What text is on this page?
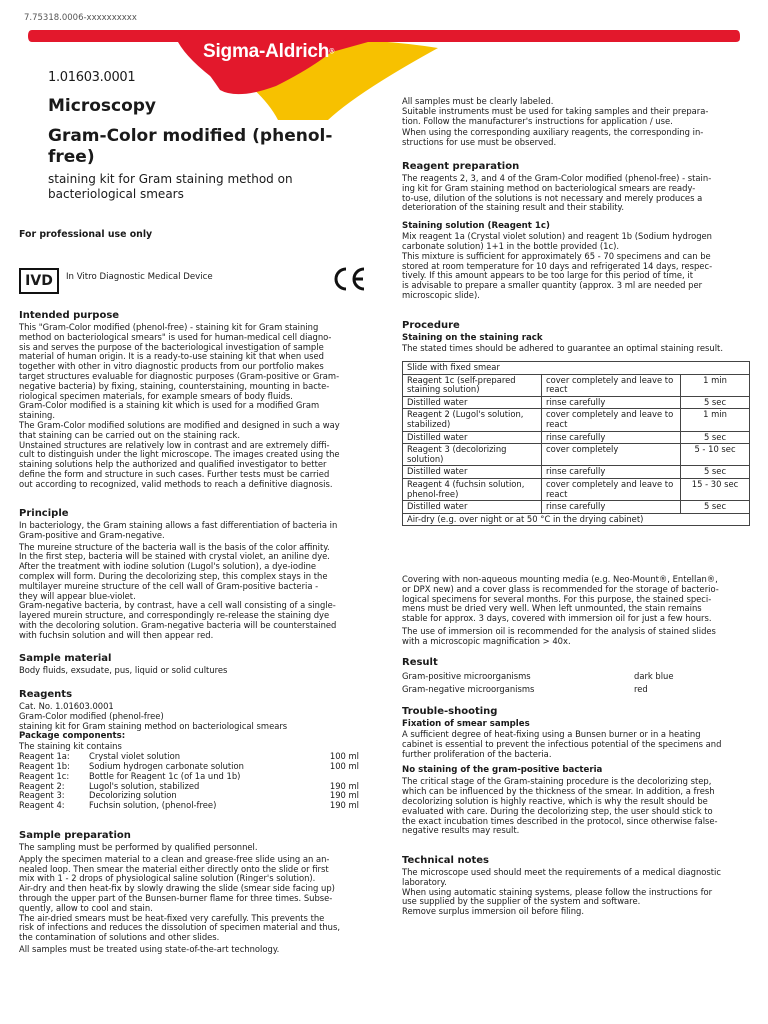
7.75318.0006-xxxxxxxxxx
Sigma-Aldrich®
1.01603.0001
Microscopy
Gram-Color modified (phenol-free)
staining kit for Gram staining method on bacteriological smears
For professional use only
IVD	In Vitro Diagnostic Medical Device
Intended purpose

This "Gram-Color modified (phenol-free) - staining kit for Gram staining
method on bacteriological smears" is used for human-medical cell diagno-
sis and serves the purpose of the bacteriological investigation of sample
material of human origin. It is a ready-to-use staining kit that when used
together with other in vitro diagnostic products from our portfolio makes
target structures evaluable for diagnostic purposes (Gram-positive or Gram-
negative bacteria) by fixing, staining, counterstaining, mounting in bacte-
riological specimen materials, for example smears of body fluids.

Gram-Color modified is a staining kit which is used for a modified Gram
staining.

The Gram-Color modified solutions are modified and designed in such a way
that staining can be carried out on the staining rack.

Unstained structures are relatively low in contrast and are extremely diffi-
cult to distinguish under the light microscope. The images created using the
staining solutions help the authorized and qualified investigator to better
define the form and structure in such cases. Further tests must be carried
out according to recognized, valid methods to reach a definitive diagnosis.

Principle

In bacteriology, the Gram staining allows a fast differentiation of bacteria in
Gram-positive and Gram-negative.

The mureine structure of the bacteria wall is the basis of the color affinity.
In the first step, bacteria will be stained with crystal violet, an aniline dye.
After the treatment with iodine solution (Lugol's solution), a dye-iodine
complex will form. During the decolorizing step, this complex stays in the
multilayer mureine structure of the cell wall of Gram-positive bacteria -
they will appear blue-violet.
Gram-negative bacteria, by contrast, have a cell wall consisting of a single-
layered murein structure, and correspondingly re-release the staining dye
with the decoloring solution. Gram-negative bacteria will be counterstained
with fuchsin solution and will then appear red.

Sample material

Body fluids, exsudate, pus, liquid or solid cultures

Reagents

Cat. No. 1.01603.0001
Gram-Color modified (phenol-free)
staining kit for Gram staining method on bacteriological smears

Package components:

The staining kit contains

Reagent 1a:	Crystal violet solution	100 ml
Reagent 1b:	Sodium hydrogen carbonate solution	100 ml
Reagent 1c:	Bottle for Reagent 1c (of 1a und 1b)
Reagent 2:	Lugol's solution, stabilized	190 ml
Reagent 3:	Decolorizing solution	190 ml
Reagent 4:	Fuchsin solution, (phenol-free)	190 ml
Sample preparation

The sampling must be performed by qualified personnel.

Apply the specimen material to a clean and grease-free slide using an an-
nealed loop. Then smear the material either directly onto the slide or first
mix with 1 - 2 drops of physiological saline solution (Ringer's solution).
Air-dry and then heat-fix by slowly drawing the slide (smear side facing up)
through the upper part of the Bunsen-burner flame for three times. Subse-
quently, allow to cool and stain.
The air-dried smears must be heat-fixed very carefully. This prevents the
risk of infections and reduces the dissolution of specimen material and thus,
the contamination of solutions and other slides.

All samples must be treated using state-of-the-art technology.

All samples must be clearly labeled.
Suitable instruments must be used for taking samples and their prepara-
tion. Follow the manufacturer's instructions for application / use.

When using the corresponding auxiliary reagents, the corresponding in-
structions for use must be observed.

Reagent preparation

The reagents 2, 3, and 4 of the Gram-Color modified (phenol-free) - stain-
ing kit for Gram staining method on bacteriological smears are ready-
to-use, dilution of the solutions is not necessary and merely produces a
deterioration of the staining result and their stability.

Staining solution (Reagent 1c)

Mix reagent 1a (Crystal violet solution) and reagent 1b (Sodium hydrogen
carbonate solution) 1+1 in the bottle provided (1c).
This mixture is sufficient for approximately 65 - 70 specimens and can be
stored at room temperature for 10 days and refrigerated 14 days, respec-
tively. If this amount appears to be too large for this period of time, it
is advisable to prepare a smaller quantity (approx. 3 ml are needed per
microscopic slide).

Procedure
Staining on the staining rack

The stated times should be adhered to guarantee an optimal staining result.

Slide with fixed smear		
Reagent 1c (self-prepared staining solution)	cover completely and leave to react	1 min
Distilled water	rinse carefully	5 sec
Reagent 2 (Lugol's solution, stabilized)	cover completely and leave to react	1 min
Distilled water	rinse carefully	5 sec
Reagent 3 (decolorizing solution)	cover completely	5 - 10 sec
Distilled water	rinse carefully	5 sec
Reagent 4 (fuchsin solution, phenol-free)	cover completely and leave to react	15 - 30 sec
Distilled water	rinse carefully	5 sec
Air-dry (e.g. over night or at 50 °C in the drying cabinet)		

Covering with non-aqueous mounting media (e.g. Neo-Mount®, Entellan®,
or DPX new) and a cover glass is recommended for the storage of bacterio-
logical specimens for several months. For this purpose, the stained speci-
mens must be dried very well. When left unmounted, the stain remains
stable for approx. 3 days, covered with immersion oil for just a few hours.

The use of immersion oil is recommended for the analysis of stained slides
with a microscopic magnification > 40x.

Result
Gram-positive microorganisms	dark blue
Gram-negative microorganisms	red
Trouble-shooting
Fixation of smear samples

A sufficient degree of heat-fixing using a Bunsen burner or in a heating
cabinet is essential to prevent the infectious potential of the specimens and
further proliferation of the bacteria.

No staining of the gram-positive bacteria

The critical stage of the Gram-staining procedure is the decolorizing step,
which can be influenced by the thickness of the smear. In addition, a fresh
decolorizing solution is highly reactive, which is why the result should be
evaluated with care. During the decolorizing step, the user should stick to
the exact incubation times described in the protocol, since otherwise false-
negative results may result.

Technical notes

The microscope used should meet the requirements of a medical diagnostic
laboratory.
When using automatic staining systems, please follow the instructions for
use supplied by the supplier of the system and software.
Remove surplus immersion oil before filing.
